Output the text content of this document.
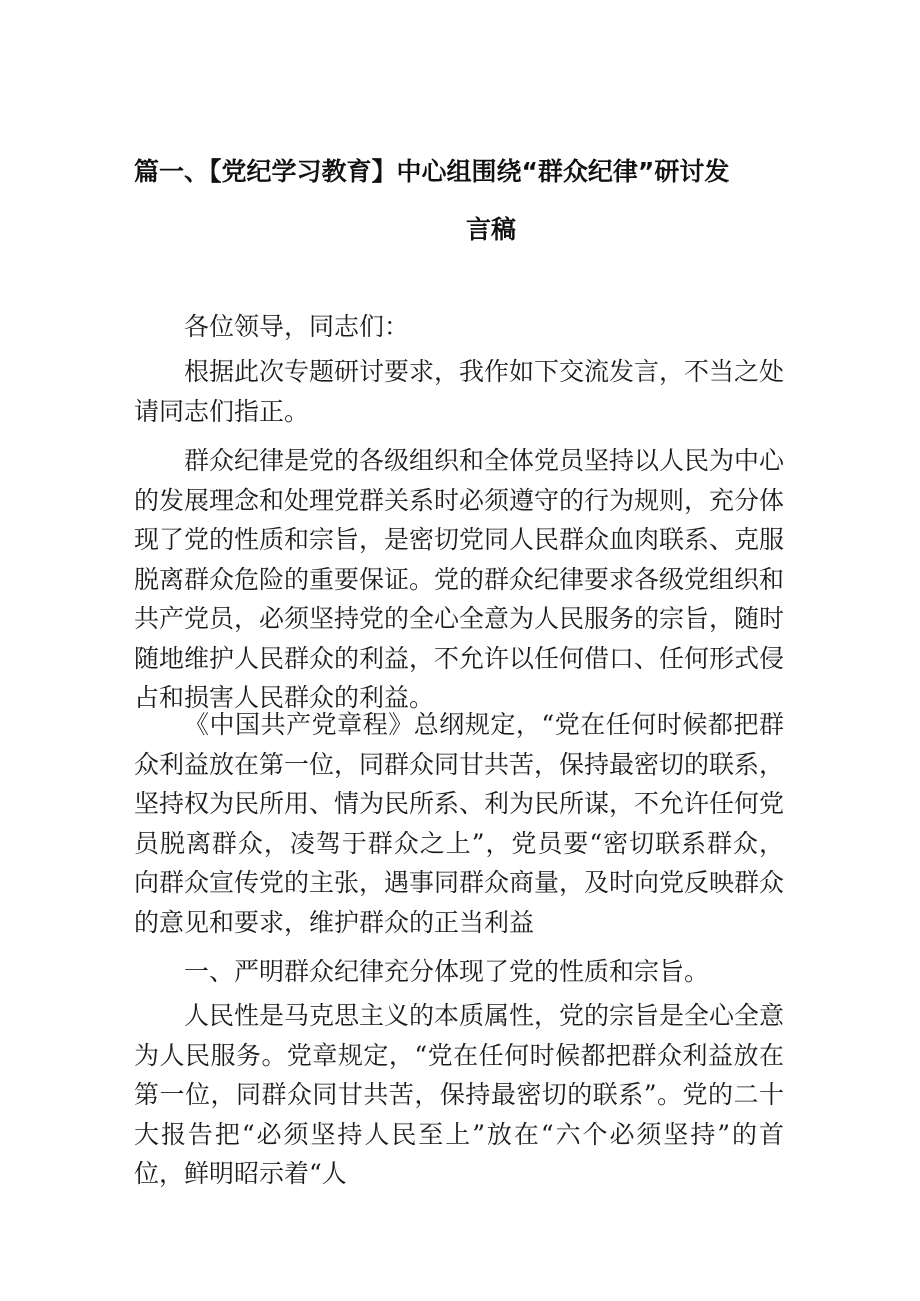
篇一、【党纪学习教育】中心组围绕“群众纪律”研讨发
言稿

各位领导，同志们：

根据此次专题研讨要求，我作如下交流发言，不当之处请同志们指正。

群众纪律是党的各级组织和全体党员坚持以人民为中心的发展理念和处理党群关系时必须遵守的行为规则，充分体现了党的性质和宗旨，是密切党同人民群众血肉联系、克服脱离群众危险的重要保证。党的群众纪律要求各级党组织和共产党员，必须坚持党的全心全意为人民服务的宗旨，随时随地维护人民群众的利益，不允许以任何借口、任何形式侵占和损害人民群众的利益。

《中国共产党章程》总纲规定，“党在任何时候都把群众利益放在第一位，同群众同甘共苦，保持最密切的联系，坚持权为民所用、情为民所系、利为民所谋，不允许任何党员脱离群众，凌驾于群众之上”，党员要“密切联系群众，向群众宣传党的主张，遇事同群众商量，及时向党反映群众的意见和要求，维护群众的正当利益

一、严明群众纪律充分体现了党的性质和宗旨。

人民性是马克思主义的本质属性，党的宗旨是全心全意为人民服务。党章规定，“党在任何时候都把群众利益放在第一位，同群众同甘共苦，保持最密切的联系”。党的二十大报告把“必须坚持人民至上”放在“六个必须坚持”的首位，鲜明昭示着“人
